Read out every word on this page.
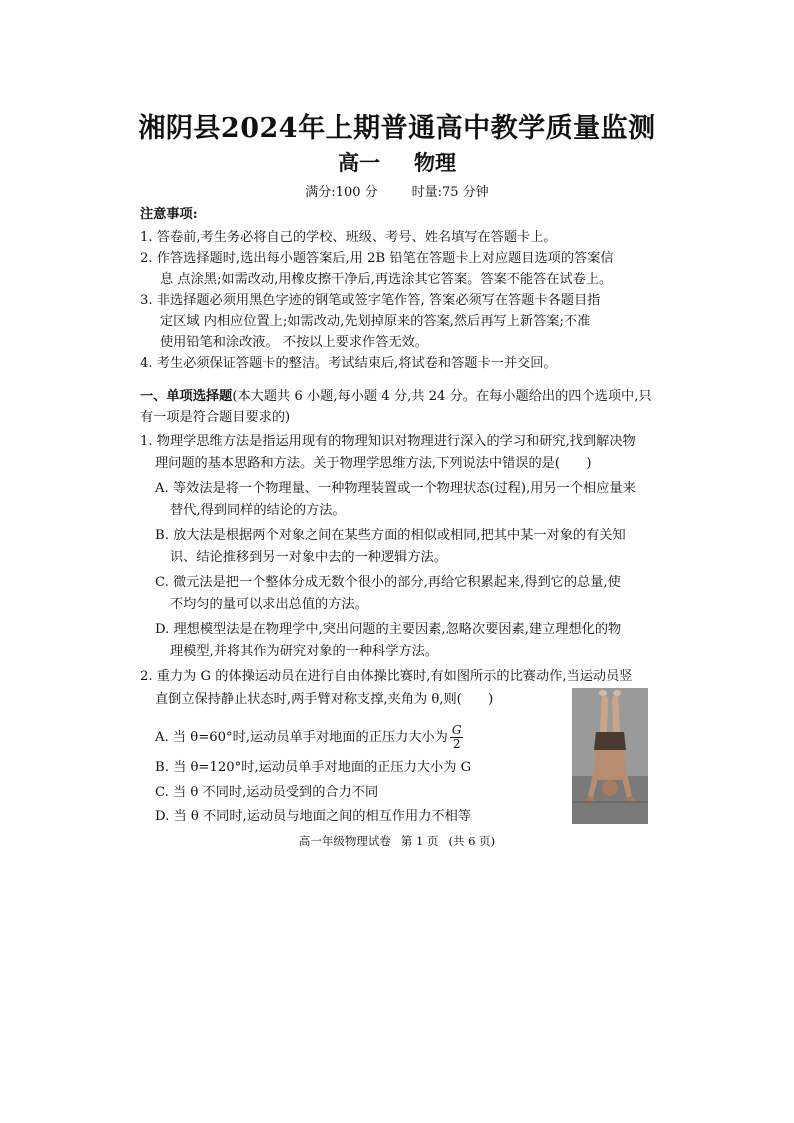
湘阴县2024年上期普通高中教学质量监测
高一 物理
满分:100 分	时量:75 分钟
注意事项:
1. 答卷前,考生务必将自己的学校、班级、考号、姓名填写在答题卡上。
2. 作答选择题时,选出每小题答案后,用 2B 铅笔在答题卡上对应题目选项的答案信
息 点涂黑;如需改动,用橡皮擦干净后,再选涂其它答案。答案不能答在试卷上。
3. 非选择题必须用黑色字迹的钢笔或签字笔作答, 答案必须写在答题卡各题目指
定区域 内相应位置上;如需改动,先划掉原来的答案,然后再写上新答案;不准
使用铅笔和涂改液。 不按以上要求作答无效。
4. 考生必须保证答题卡的整洁。考试结束后,将试卷和答题卡一并交回。
一、单项选择题(本大题共 6 小题,每小题 4 分,共 24 分。在每小题给出的四个选项中,只
有一项是符合题目要求的)
1. 物理学思维方法是指运用现有的物理知识对物理进行深入的学习和研究,找到解决物
理问题的基本思路和方法。关于物理学思维方法,下列说法中错误的是(　　)
A. 等效法是将一个物理量、一种物理装置或一个物理状态(过程),用另一个相应量来
替代,得到同样的结论的方法。
B. 放大法是根据两个对象之间在某些方面的相似或相同,把其中某一对象的有关知
识、结论推移到另一对象中去的一种逻辑方法。
C. 微元法是把一个整体分成无数个很小的部分,再给它积累起来,得到它的总量,使
不均匀的量可以求出总值的方法。
D. 理想模型法是在物理学中,突出问题的主要因素,忽略次要因素,建立理想化的物
理模型,并将其作为研究对象的一种科学方法。
2. 重力为 G 的体操运动员在进行自由体操比赛时,有如图所示的比赛动作,当运动员竖
直倒立保持静止状态时,两手臂对称支撑,夹角为 θ,则(　　)
A. 当 θ=60°时,运动员单手对地面的正压力大小为 $\frac{G}{2}$
B. 当 θ=120°时,运动员单手对地面的正压力大小为 G
C. 当 θ 不同时,运动员受到的合力不同
D. 当 θ 不同时,运动员与地面之间的相互作用力不相等
高一年级物理试卷 第 1 页 (共 6 页)
